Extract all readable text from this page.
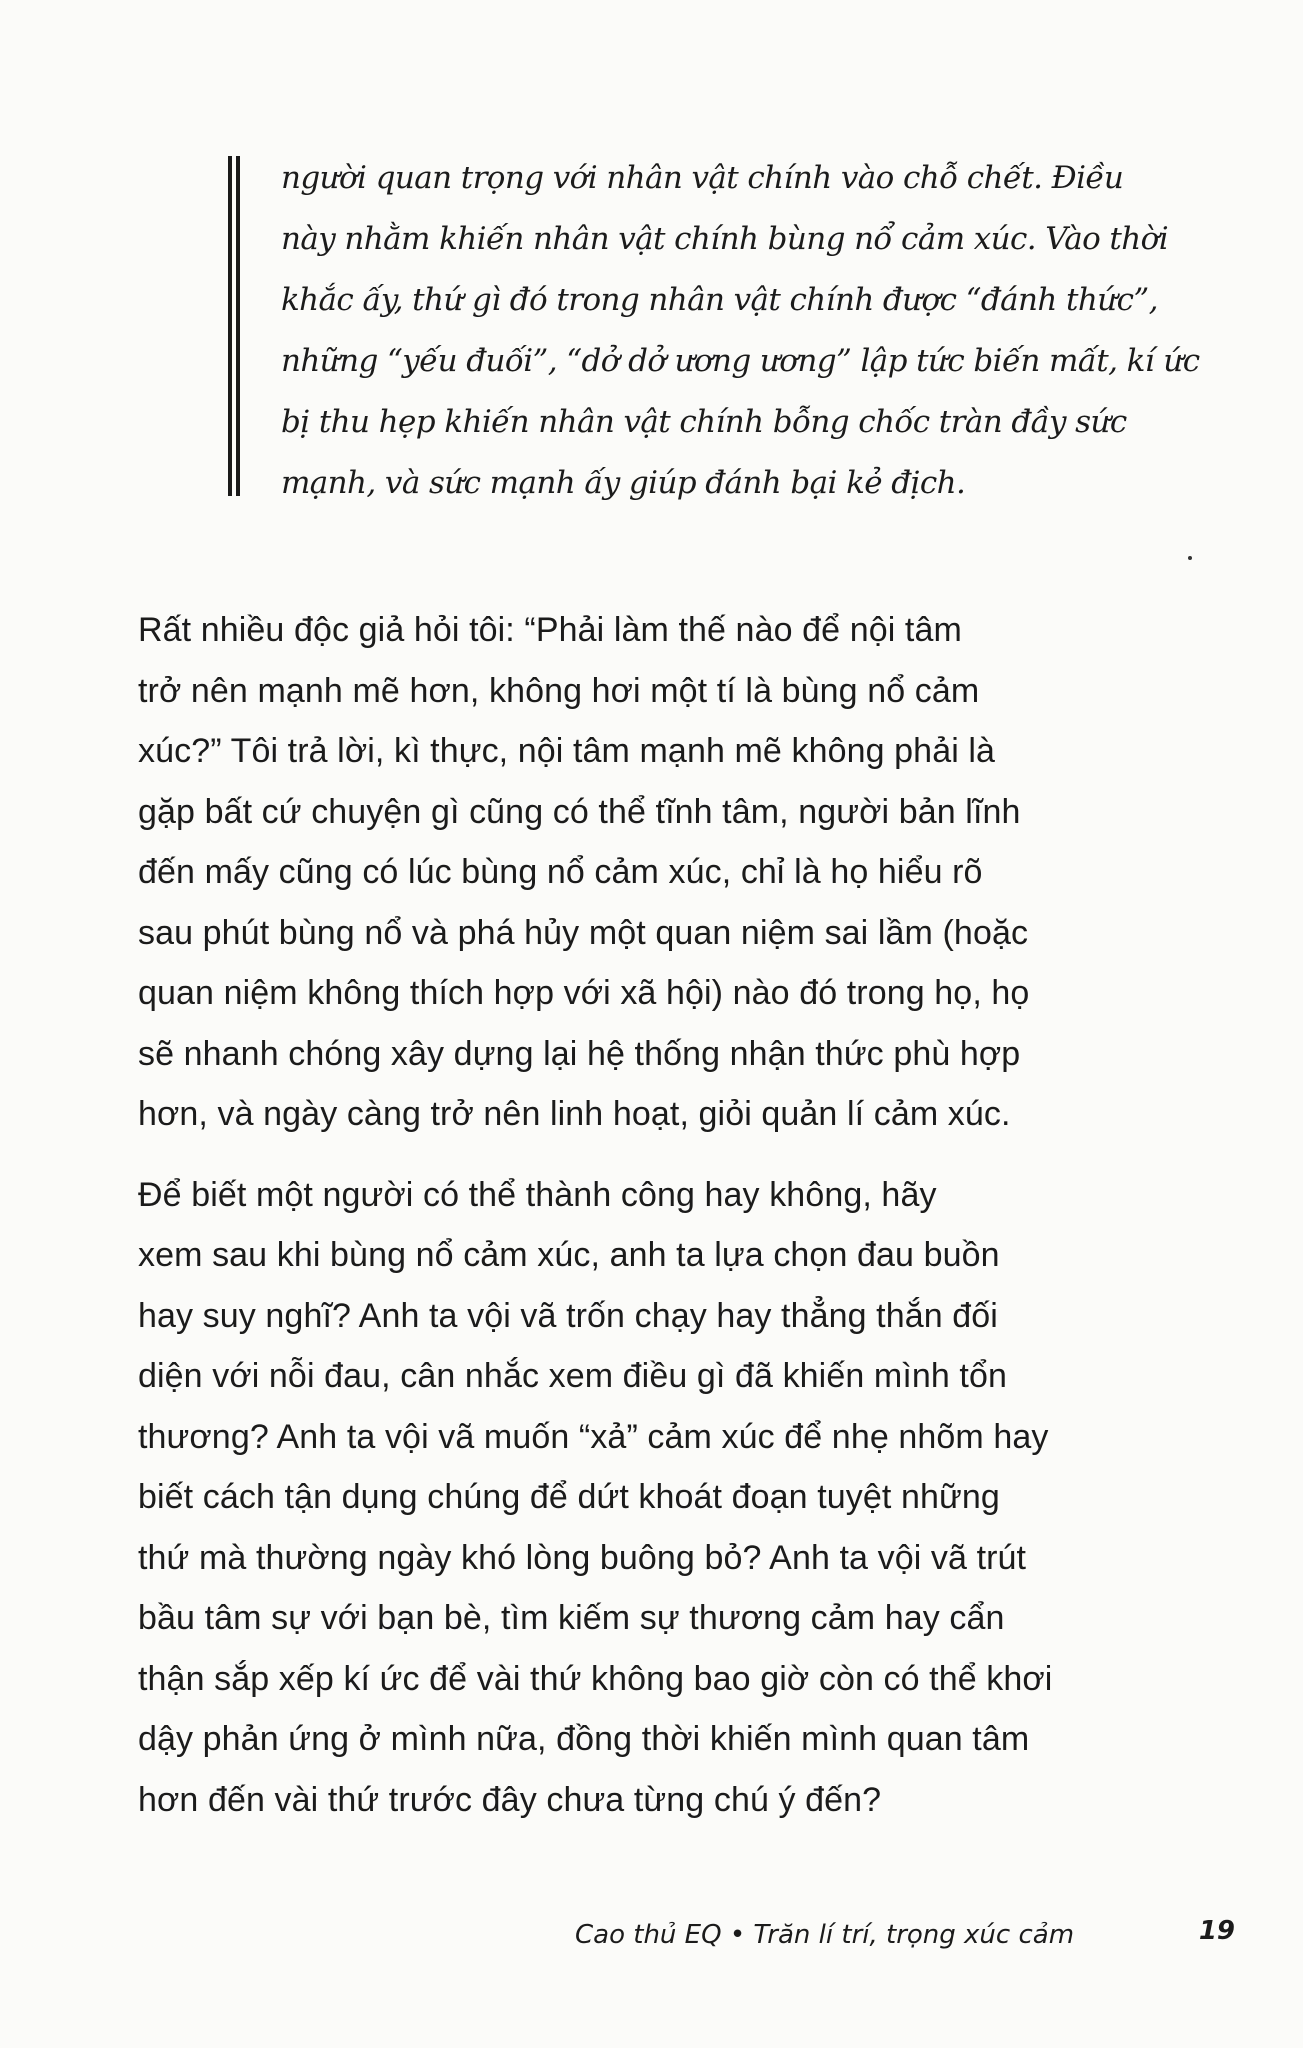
người quan trọng với nhân vật chính vào chỗ chết. Điều
này nhằm khiến nhân vật chính bùng nổ cảm xúc. Vào thời
khắc ấy, thứ gì đó trong nhân vật chính được “đánh thức”,
những “yếu đuối”, “dở dở ương ương” lập tức biến mất, kí ức
bị thu hẹp khiến nhân vật chính bỗng chốc tràn đầy sức
mạnh, và sức mạnh ấy giúp đánh bại kẻ địch.
Rất nhiều độc giả hỏi tôi: “Phải làm thế nào để nội tâm
trở nên mạnh mẽ hơn, không hơi một tí là bùng nổ cảm
xúc?” Tôi trả lời, kì thực, nội tâm mạnh mẽ không phải là
gặp bất cứ chuyện gì cũng có thể tĩnh tâm, người bản lĩnh
đến mấy cũng có lúc bùng nổ cảm xúc, chỉ là họ hiểu rõ
sau phút bùng nổ và phá hủy một quan niệm sai lầm (hoặc
quan niệm không thích hợp với xã hội) nào đó trong họ, họ
sẽ nhanh chóng xây dựng lại hệ thống nhận thức phù hợp
hơn, và ngày càng trở nên linh hoạt, giỏi quản lí cảm xúc.
Để biết một người có thể thành công hay không, hãy
xem sau khi bùng nổ cảm xúc, anh ta lựa chọn đau buồn
hay suy nghĩ? Anh ta vội vã trốn chạy hay thẳng thắn đối
diện với nỗi đau, cân nhắc xem điều gì đã khiến mình tổn
thương? Anh ta vội vã muốn “xả” cảm xúc để nhẹ nhõm hay
biết cách tận dụng chúng để dứt khoát đoạn tuyệt những
thứ mà thường ngày khó lòng buông bỏ? Anh ta vội vã trút
bầu tâm sự với bạn bè, tìm kiếm sự thương cảm hay cẩn
thận sắp xếp kí ức để vài thứ không bao giờ còn có thể khơi
dậy phản ứng ở mình nữa, đồng thời khiến mình quan tâm
hơn đến vài thứ trước đây chưa từng chú ý đến?
Cao thủ EQ • Trăn lí trí, trọng xúc cảm	19
